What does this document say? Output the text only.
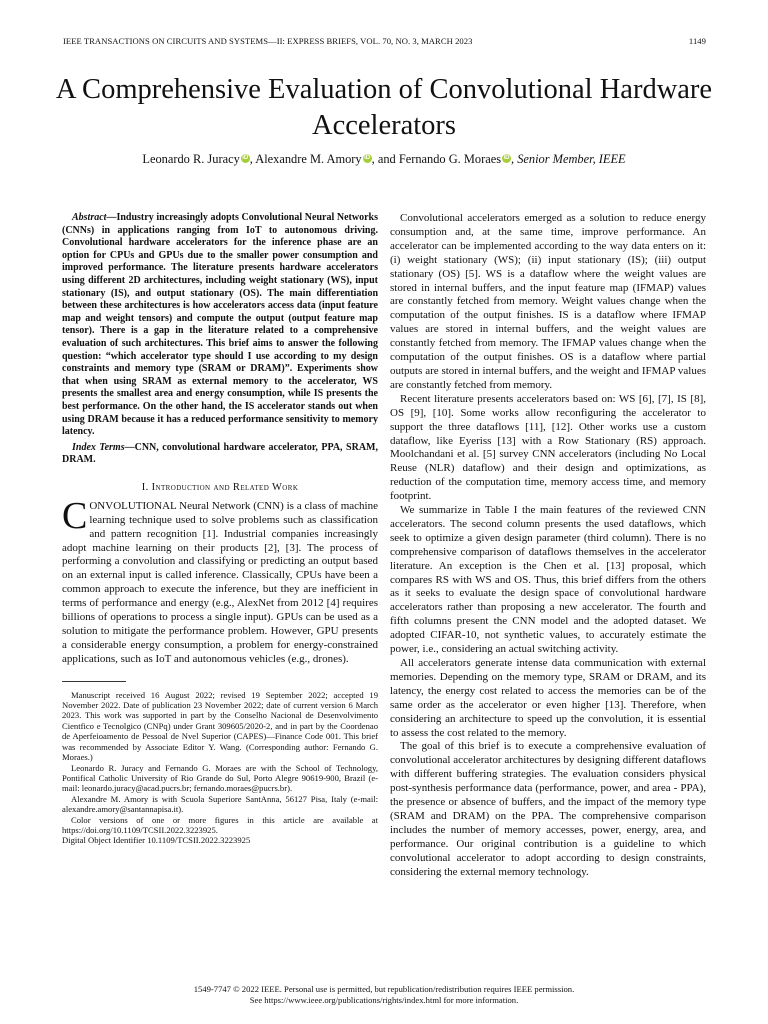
IEEE TRANSACTIONS ON CIRCUITS AND SYSTEMS—II: EXPRESS BRIEFS, VOL. 70, NO. 3, MARCH 2023	1149
A Comprehensive Evaluation of Convolutional Hardware Accelerators
Leonardo R. Juracy iD , Alexandre M. Amory iD , and Fernando G. Moraes iD , Senior Member, IEEE

Abstract—Industry increasingly adopts Convolutional Neural Networks (CNNs) in applications ranging from IoT to autonomous driving. Convolutional hardware accelerators for the inference phase are an option for CPUs and GPUs due to the smaller power consumption and improved performance. The literature presents hardware accelerators using different 2D architectures, including weight stationary (WS), input stationary (IS), and output stationary (OS). The main differentiation between these architectures is how accelerators access data (input feature map and weight tensors) and compute the output (output feature map tensor). There is a gap in the literature related to a comprehensive evaluation of such architectures. This brief aims to answer the following question: “which accelerator type should I use according to my design constraints and memory type (SRAM or DRAM)”. Experiments show that when using SRAM as external memory to the accelerator, WS presents the smallest area and energy consumption, while IS presents the best performance. On the other hand, the IS accelerator stands out when using DRAM because it has a reduced performance sensitivity to memory latency.

Index Terms—CNN, convolutional hardware accelerator, PPA, SRAM, DRAM.

I. Introduction and Related Work

CONVOLUTIONAL Neural Network (CNN) is a class of machine learning technique used to solve problems such as classification and pattern recognition [1]. Industrial companies increasingly adopt machine learning on their products [2], [3]. The process of performing a convolution and classifying or predicting an output based on an external input is called inference. Classically, CPUs have been a common approach to execute the inference, but they are inefficient in terms of performance and energy (e.g., AlexNet from 2012 [4] requires billions of operations to process a single input). GPUs can be used as a solution to mitigate the performance problem. However, GPU presents a considerable energy consumption, a problem for energy-constrained applications, such as IoT and autonomous vehicles (e.g., drones).

Manuscript received 16 August 2022; revised 19 September 2022; accepted 19 November 2022. Date of publication 23 November 2022; date of current version 6 March 2023. This work was supported in part by the Conselho Nacional de Desenvolvimento Cientfico e Tecnolgico (CNPq) under Grant 309605/2020-2, and in part by the Coordenao de Aperfeioamento de Pessoal de Nvel Superior (CAPES)—Finance Code 001. This brief was recommended by Associate Editor Y. Wang. (Corresponding author: Fernando G. Moraes.)

Leonardo R. Juracy and Fernando G. Moraes are with the School of Technology, Pontifical Catholic University of Rio Grande do Sul, Porto Alegre 90619-900, Brazil (e-mail: leonardo.juracy@acad.pucrs.br; fernando.moraes@pucrs.br).

Alexandre M. Amory is with Scuola Superiore SantAnna, 56127 Pisa, Italy (e-mail: alexandre.amory@santannapisa.it).

Color versions of one or more figures in this article are available at https://doi.org/10.1109/TCSII.2022.3223925.

Digital Object Identifier 10.1109/TCSII.2022.3223925

Convolutional accelerators emerged as a solution to reduce energy consumption and, at the same time, improve performance. An accelerator can be implemented according to the way data enters on it: (i) weight stationary (WS); (ii) input stationary (IS); (iii) output stationary (OS) [5]. WS is a dataflow where the weight values are stored in internal buffers, and the input feature map (IFMAP) values are constantly fetched from memory. Weight values change when the computation of the output finishes. IS is a dataflow where IFMAP values are stored in internal buffers, and the weight values are constantly fetched from memory. The IFMAP values change when the computation of the output finishes. OS is a dataflow where partial outputs are stored in internal buffers, and the weight and IFMAP values are constantly fetched from memory.

Recent literature presents accelerators based on: WS [6], [7], IS [8], OS [9], [10]. Some works allow reconfiguring the accelerator to support the three dataflows [11], [12]. Other works use a custom dataflow, like Eyeriss [13] with a Row Stationary (RS) approach. Moolchandani et al. [5] survey CNN accelerators (including No Local Reuse (NLR) dataflow) and their design and optimizations, as reduction of the computation time, memory access time, and memory footprint.

We summarize in Table I the main features of the reviewed CNN accelerators. The second column presents the used dataflows, which seek to optimize a given design parameter (third column). There is no comprehensive comparison of dataflows themselves in the accelerator literature. An exception is the Chen et al. [13] proposal, which compares RS with WS and OS. Thus, this brief differs from the others as it seeks to evaluate the design space of convolutional hardware accelerators rather than proposing a new accelerator. The fourth and fifth columns present the CNN model and the adopted dataset. We adopted CIFAR-10, not synthetic values, to accurately estimate the power, i.e., considering an actual switching activity.

All accelerators generate intense data communication with external memories. Depending on the memory type, SRAM or DRAM, and its latency, the energy cost related to access the memories can be of the same order as the accelerator or even higher [13]. Therefore, when considering an architecture to speed up the convolution, it is essential to assess the cost related to the memory.

The goal of this brief is to execute a comprehensive evaluation of convolutional accelerator architectures by designing different dataflows with different buffering strategies. The evaluation considers physical post-synthesis performance data (performance, power, and area - PPA), the presence or absence of buffers, and the impact of the memory type (SRAM and DRAM) on the PPA. The comprehensive comparison includes the number of memory accesses, power, energy, area, and performance. Our original contribution is a guideline to which convolutional accelerator to adopt according to design constraints, considering the external memory technology.

1549-7747 © 2022 IEEE. Personal use is permitted, but republication/redistribution requires IEEE permission.
See https://www.ieee.org/publications/rights/index.html for more information.
